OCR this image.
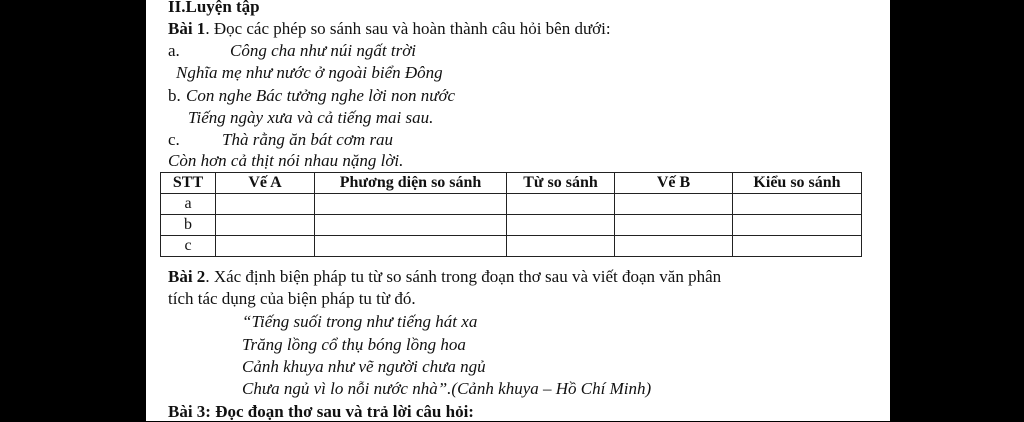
II.Luyện tập
Bài 1. Đọc các phép so sánh sau và hoàn thành câu hỏi bên dưới:
a.	Công cha như núi ngất trời
Nghĩa mẹ như nước ở ngoài biển Đông
b. Con nghe Bác tưởng nghe lời non nước
Tiếng ngày xưa và cả tiếng mai sau.
c. Thà rằng ăn bát cơm rau
Còn hơn cả thịt nói nhau nặng lời.
STT	Vế A	Phương diện so sánh	Từ so sánh	Vế B	Kiểu so sánh
a					
b					
c					
Bài 2. Xác định biện pháp tu từ so sánh trong đoạn thơ sau và viết đoạn văn phân
tích tác dụng của biện pháp tu từ đó.
“Tiếng suối trong như tiếng hát xa
Trăng lồng cổ thụ bóng lồng hoa
Cảnh khuya như vẽ người chưa ngủ
Chưa ngủ vì lo nỗi nước nhà”.(Cảnh khuya – Hồ Chí Minh)
Bài 3: Đọc đoạn thơ sau và trả lời câu hỏi:
